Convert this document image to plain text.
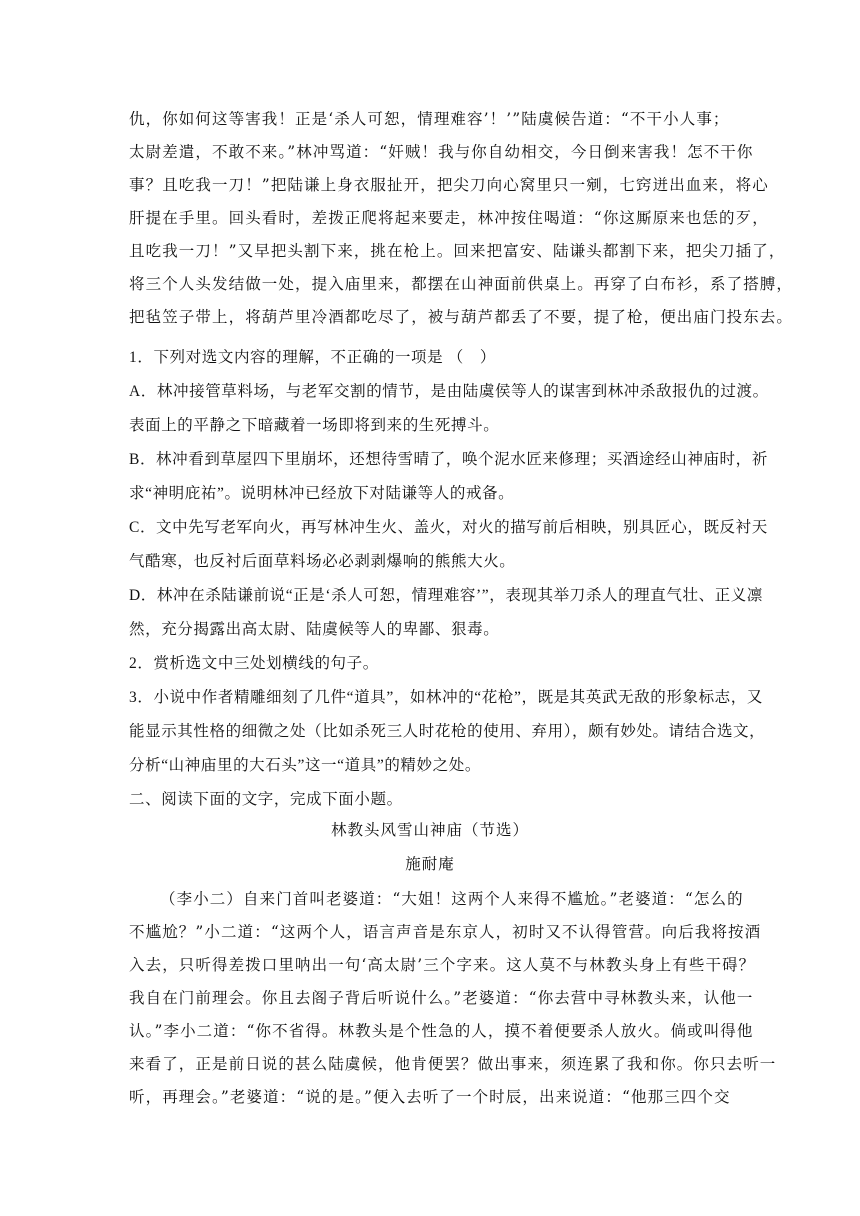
仇，你如何这等害我！正是‘杀人可恕，情理难容’！’”陆虞候告道：“不干小人事；
太尉差遣，不敢不来。”林冲骂道：“奸贼！我与你自幼相交，今日倒来害我！怎不干你
事？且吃我一刀！”把陆谦上身衣服扯开，把尖刀向心窝里只一剜，七窍迸出血来，将心
肝提在手里。回头看时，差拨正爬将起来要走，林冲按住喝道：“你这厮原来也恁的歹，
且吃我一刀！”又早把头割下来，挑在枪上。回来把富安、陆谦头都割下来，把尖刀插了，
将三个人头发结做一处，提入庙里来，都摆在山神面前供桌上。再穿了白布衫，系了搭膊，
把毡笠子带上，将葫芦里冷酒都吃尽了，被与葫芦都丢了不要，提了枪，便出庙门投东去。
1．下列对选文内容的理解，不正确的一项是 （　）
A．林冲接管草料场，与老军交割的情节，是由陆虞侯等人的谋害到林冲杀敌报仇的过渡。
表面上的平静之下暗藏着一场即将到来的生死搏斗。
B．林冲看到草屋四下里崩坏，还想待雪晴了，唤个泥水匠来修理；买酒途经山神庙时，祈
求“神明庇祐”。说明林冲已经放下对陆谦等人的戒备。
C．文中先写老军向火，再写林冲生火、盖火，对火的描写前后相映，别具匠心，既反衬天
气酷寒，也反衬后面草料场必必剥剥爆响的熊熊大火。
D．林冲在杀陆谦前说“正是‘杀人可恕，情理难容’”，表现其举刀杀人的理直气壮、正义凛
然，充分揭露出高太尉、陆虞候等人的卑鄙、狠毒。
2．赏析选文中三处划横线的句子。
3．小说中作者精雕细刻了几件“道具”，如林冲的“花枪”，既是其英武无敌的形象标志，又
能显示其性格的细微之处（比如杀死三人时花枪的使用、弃用），颇有妙处。请结合选文，
分析“山神庙里的大石头”这一“道具”的精妙之处。
二、阅读下面的文字，完成下面小题。
林教头风雪山神庙（节选）
施耐庵
（李小二）自来门首叫老婆道：“大姐！这两个人来得不尴尬。”老婆道：“怎么的
不尴尬？”小二道：“这两个人，语言声音是东京人，初时又不认得管营。向后我将按酒
入去，只听得差拨口里呐出一句‘高太尉’三个字来。这人莫不与林教头身上有些干碍？
我自在门前理会。你且去阁子背后听说什么。”老婆道：“你去营中寻林教头来，认他一
认。”李小二道：“你不省得。林教头是个性急的人，摸不着便要杀人放火。倘或叫得他
来看了，正是前日说的甚么陆虞候，他肯便罢？做出事来，须连累了我和你。你只去听一
听，再理会。”老婆道：“说的是。”便入去听了一个时辰，出来说道：“他那三四个交
